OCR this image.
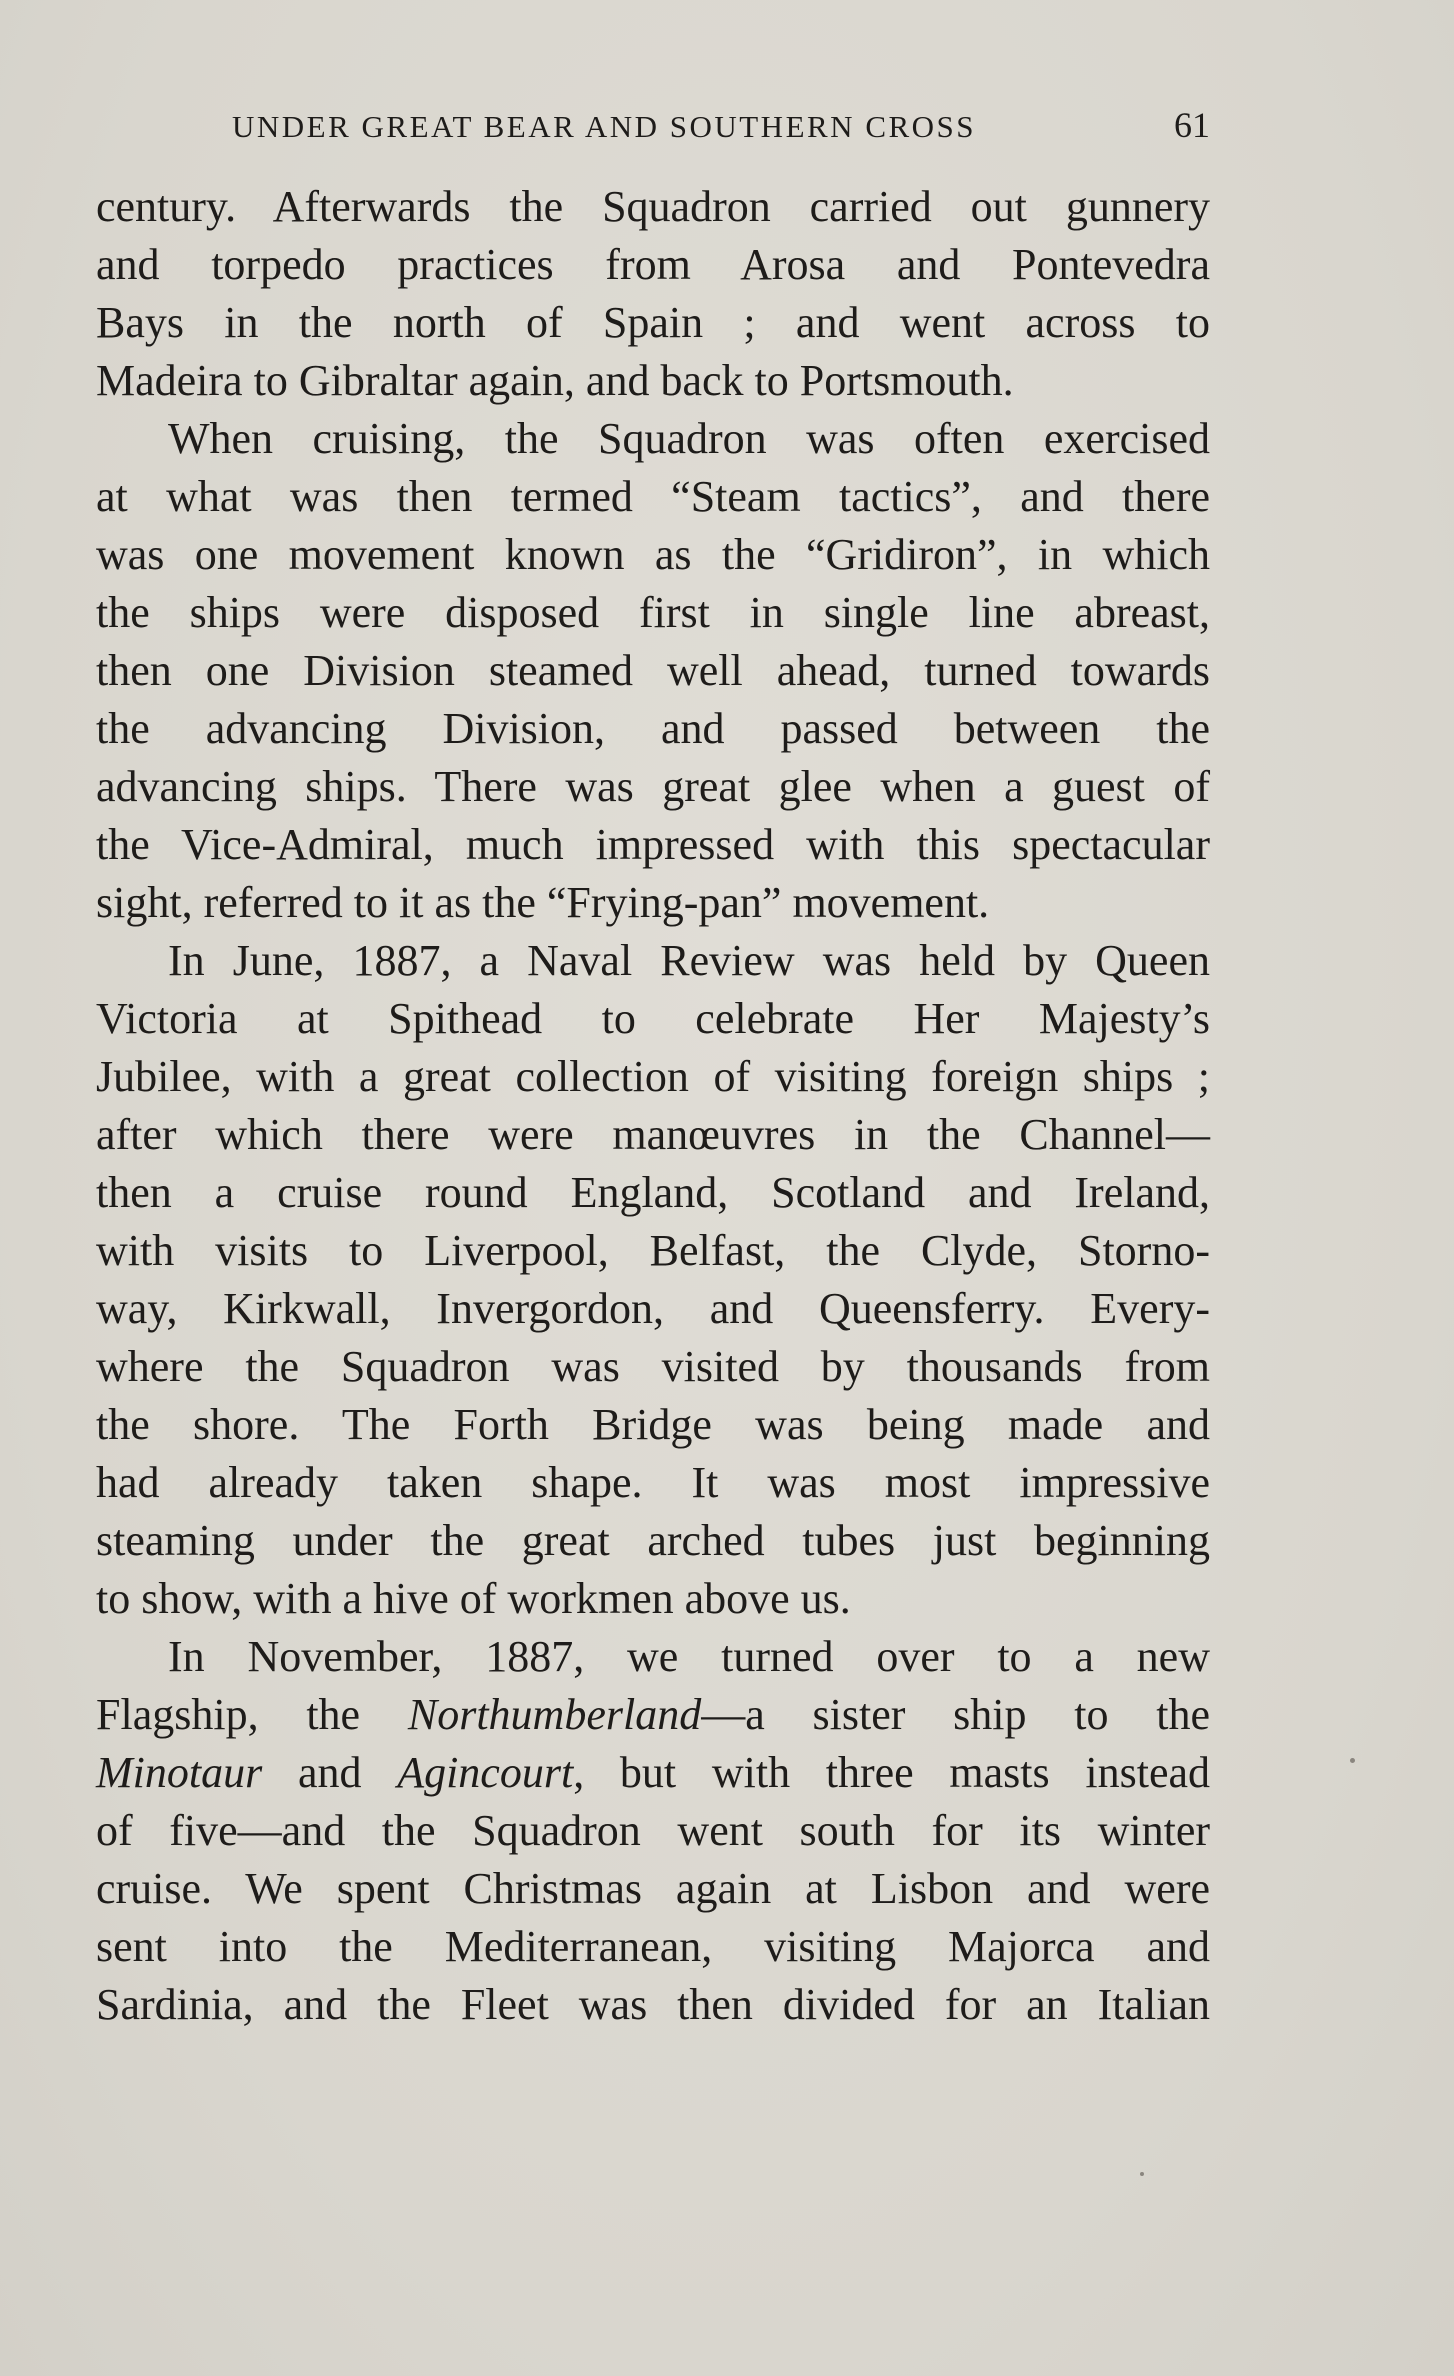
UNDER GREAT BEAR AND SOUTHERN CROSS	61
century. Afterwards the Squadron carried out gunnery
and torpedo practices from Arosa and Pontevedra
Bays in the north of Spain ; and went across to
Madeira to Gibraltar again, and back to Portsmouth.
When cruising, the Squadron was often exercised
at what was then termed “Steam tactics”, and there
was one movement known as the “Gridiron”, in which
the ships were disposed first in single line abreast,
then one Division steamed well ahead, turned towards
the advancing Division, and passed between the
advancing ships. There was great glee when a guest of
the Vice-Admiral, much impressed with this spectacular
sight, referred to it as the “Frying-pan” movement.
In June, 1887, a Naval Review was held by Queen
Victoria at Spithead to celebrate Her Majesty’s
Jubilee, with a great collection of visiting foreign ships ;
after which there were manœuvres in the Channel—
then a cruise round England, Scotland and Ireland,
with visits to Liverpool, Belfast, the Clyde, Storno-
way, Kirkwall, Invergordon, and Queensferry. Every-
where the Squadron was visited by thousands from
the shore. The Forth Bridge was being made and
had already taken shape. It was most impressive
steaming under the great arched tubes just beginning
to show, with a hive of workmen above us.
In November, 1887, we turned over to a new
Flagship, the Northumberland—a sister ship to the
Minotaur and Agincourt, but with three masts instead
of five—and the Squadron went south for its winter
cruise. We spent Christmas again at Lisbon and were
sent into the Mediterranean, visiting Majorca and
Sardinia, and the Fleet was then divided for an Italian
